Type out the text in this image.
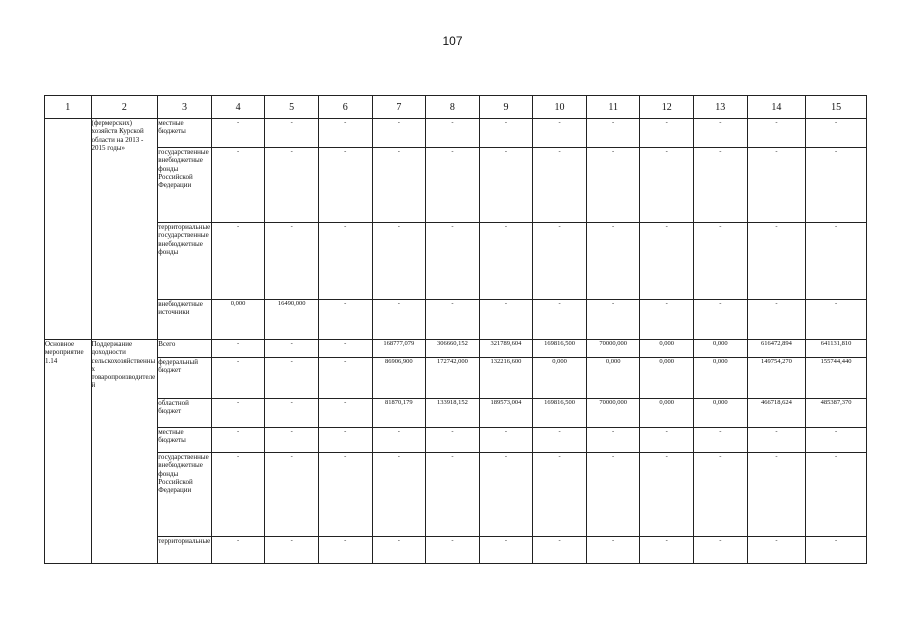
107
1	2	3	4	5	6	7	8	9	10	11	12	13	14	15
	(фермерских) хозяйств Курской области на 2013 - 2015 годы»	местные бюджеты	-	-	-	-	-	-	-	-	-	-	-	-
		государственные внебюджетные фонды Российской Федерации	-	-	-	-	-	-	-	-	-	-	-	-
		территориальные государственные внебюджетные фонды	-	-	-	-	-	-	-	-	-	-	-	-
		внебюджетные источники	0,000	16490,000	-	-	-	-	-	-	-	-	-	-
Основное мероприятие 1.14	Поддержание доходности сельскохозяйственных товаропроизводителей	Всего	-	-	-	168777,079	306660,152	321789,604	169816,500	70000,000	0,000	0,000	616472,894	641131,810
		федеральный бюджет	-	-	-	86906,900	172742,000	132216,600	0,000	0,000	0,000	0,000	149754,270	155744,440
		областной бюджет	-	-	-	81870,179	133918,152	189573,004	169816,500	70000,000	0,000	0,000	466718,624	485387,370
		местные бюджеты	-	-	-	-	-	-	-	-	-	-	-	-
		государственные внебюджетные фонды Российской Федерации	-	-	-	-	-	-	-	-	-	-	-	-
		территориальные	-	-	-	-	-	-	-	-	-	-	-	-
